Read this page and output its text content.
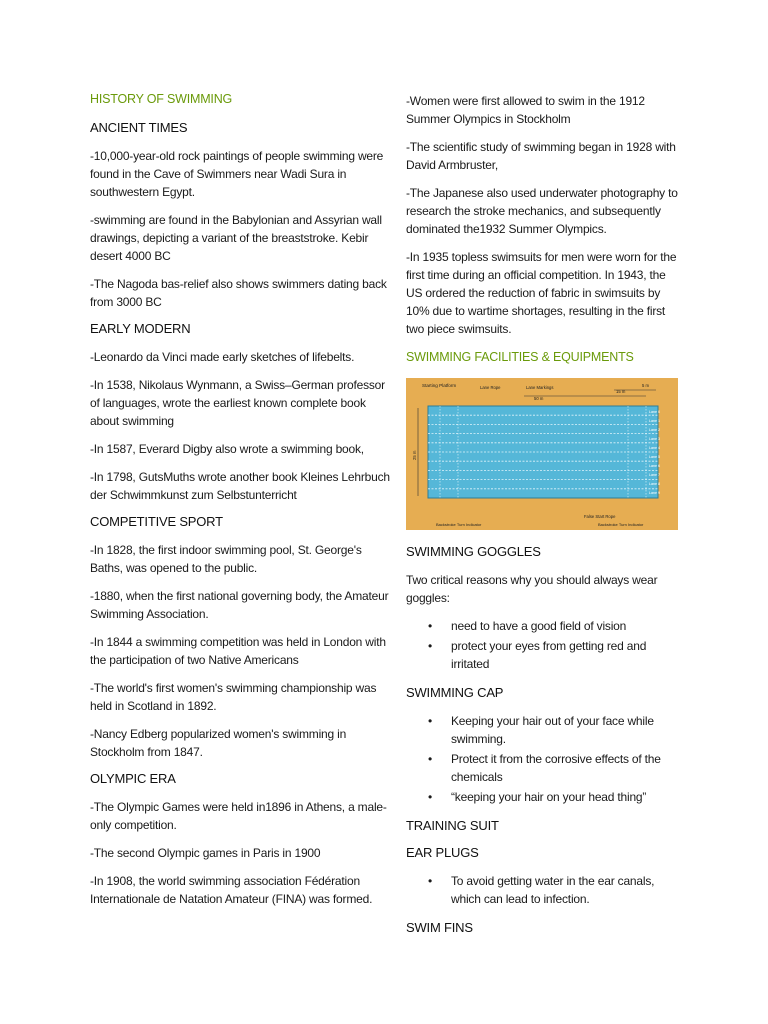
HISTORY OF SWIMMING
ANCIENT TIMES

-10,000-year-old rock paintings of people swimming were found in the Cave of Swimmers near Wadi Sura in southwestern Egypt.

-swimming are found in the Babylonian and Assyrian wall drawings, depicting a variant of the breaststroke. Kebir desert 4000 BC

-The Nagoda bas-relief also shows swimmers dating back from 3000 BC

EARLY MODERN

-Leonardo da Vinci made early sketches of lifebelts.

-In 1538, Nikolaus Wynmann, a Swiss–German professor of languages, wrote the earliest known complete book about swimming

-In 1587, Everard Digby also wrote a swimming book,

-In 1798, GutsMuths wrote another book Kleines Lehrbuch der Schwimmkunst zum Selbstunterricht

COMPETITIVE SPORT

-In 1828, the first indoor swimming pool, St. George's Baths, was opened to the public.

-1880, when the first national governing body, the Amateur Swimming Association.

-In 1844 a swimming competition was held in London with the participation of two Native Americans

-The world's first women's swimming championship was held in Scotland in 1892.

-Nancy Edberg popularized women's swimming in Stockholm from 1847.

OLYMPIC ERA

-The Olympic Games were held in1896 in Athens, a male-only competition.

-The second Olympic games in Paris in 1900

-In 1908, the world swimming association Fédération Internationale de Natation Amateur (FINA) was formed.

-Women were first allowed to swim in the 1912 Summer Olympics in Stockholm

-The scientific study of swimming began in 1928 with David Armbruster,

-The Japanese also used underwater photography to research the stroke mechanics, and subsequently dominated the1932 Summer Olympics.

-In 1935 topless swimsuits for men were worn for the first time during an official competition. In 1943, the US ordered the reduction of fabric in swimsuits by 10% due to wartime shortages, resulting in the first two piece swimsuits.

SWIMMING FACILITIES & EQUIPMENTS
Starting Platform	Lane Rope	Lane Markings
50 m
15 m
5 m
25 m
Lane 0
Lane 1
Lane 2
Lane 3
Lane 4
Lane 5
Lane 6
Lane 7
Lane 8
Lane 9
False Start Rope
Backstroke Turn Indicator	Backstroke Turn Indicator
SWIMMING GOGGLES

Two critical reasons why you should always wear goggles:

• need to have a good field of vision
• protect your eyes from getting red and irritated
SWIMMING CAP
• Keeping your hair out of your face while swimming.
• Protect it from the corrosive effects of the chemicals
• “keeping your hair on your head thing”
TRAINING SUIT
EAR PLUGS
• To avoid getting water in the ear canals, which can lead to infection.
SWIM FINS
